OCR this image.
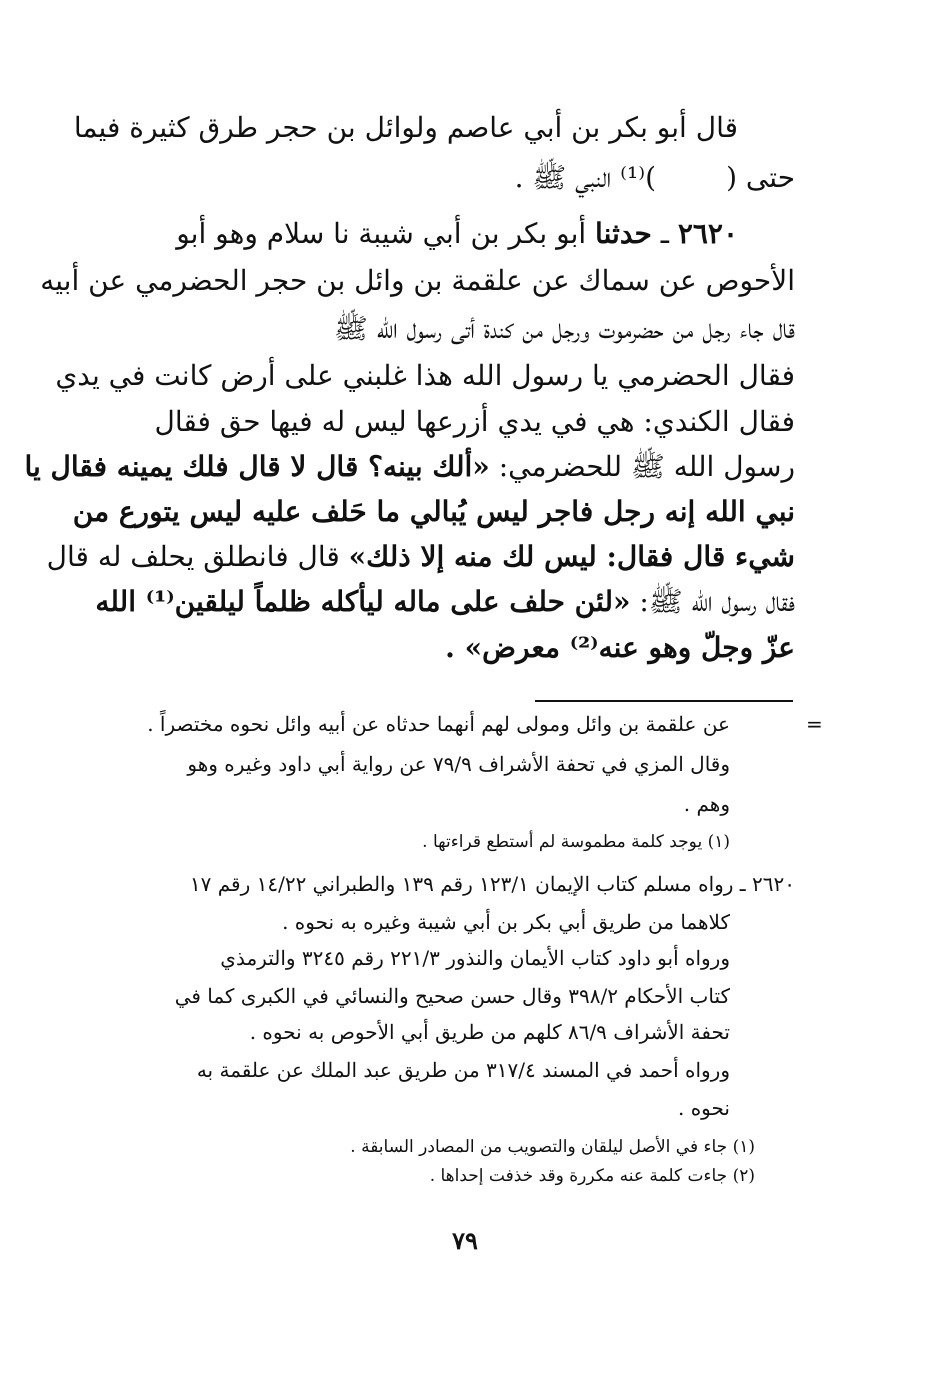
قال أبو بكر بن أبي عاصم ولوائل بن حجر طرق كثيرة فيما
حتى ()⁽¹⁾ النبي ﷺ .
٢٦٢٠ ـ حدثنا أبو بكر بن أبي شيبة نا سلام وهو أبو
الأحوص عن سماك عن علقمة بن وائل بن حجر الحضرمي عن أبيه
قال جاء رجل من حضرموت ورجل من كندة أتى رسول الله ﷺ
فقال الحضرمي يا رسول الله هذا غلبني على أرض كانت في يدي
فقال الكندي: هي في يدي أزرعها ليس له فيها حق فقال
رسول الله ﷺ للحضرمي: «ألك بينه؟ قال لا قال فلك يمينه فقال يا
نبي الله إنه رجل فاجر ليس يُبالي ما حَلف عليه ليس يتورع من
شيء قال فقال: ليس لك منه إلا ذلك» قال فانطلق يحلف له قال
فقال رسول الله ﷺ: «لئن حلف على ماله ليأكله ظلماً ليلقين⁽¹⁾ الله
عزّ وجلّ وهو عنه⁽²⁾ معرض» .
=
عن علقمة بن وائل ومولى لهم أنهما حدثاه عن أبيه وائل نحوه مختصراً .
وقال المزي في تحفة الأشراف ٧٩/٩ عن رواية أبي داود وغيره وهو
وهم .
(١) يوجد كلمة مطموسة لم أستطع قراءتها .
٢٦٢٠ ـ رواه مسلم كتاب الإيمان ١٢٣/١ رقم ١٣٩ والطبراني ١٤/٢٢ رقم ١٧
كلاهما من طريق أبي بكر بن أبي شيبة وغيره به نحوه .
ورواه أبو داود كتاب الأيمان والنذور ٢٢١/٣ رقم ٣٢٤٥ والترمذي
كتاب الأحكام ٣٩٨/٢ وقال حسن صحيح والنسائي في الكبرى كما في
تحفة الأشراف ٨٦/٩ كلهم من طريق أبي الأحوص به نحوه .
ورواه أحمد في المسند ٣١٧/٤ من طريق عبد الملك عن علقمة به
نحوه .
(١) جاء في الأصل ليلقان والتصويب من المصادر السابقة .
(٢) جاءت كلمة عنه مكررة وقد خذفت إحداها .
٧٩
